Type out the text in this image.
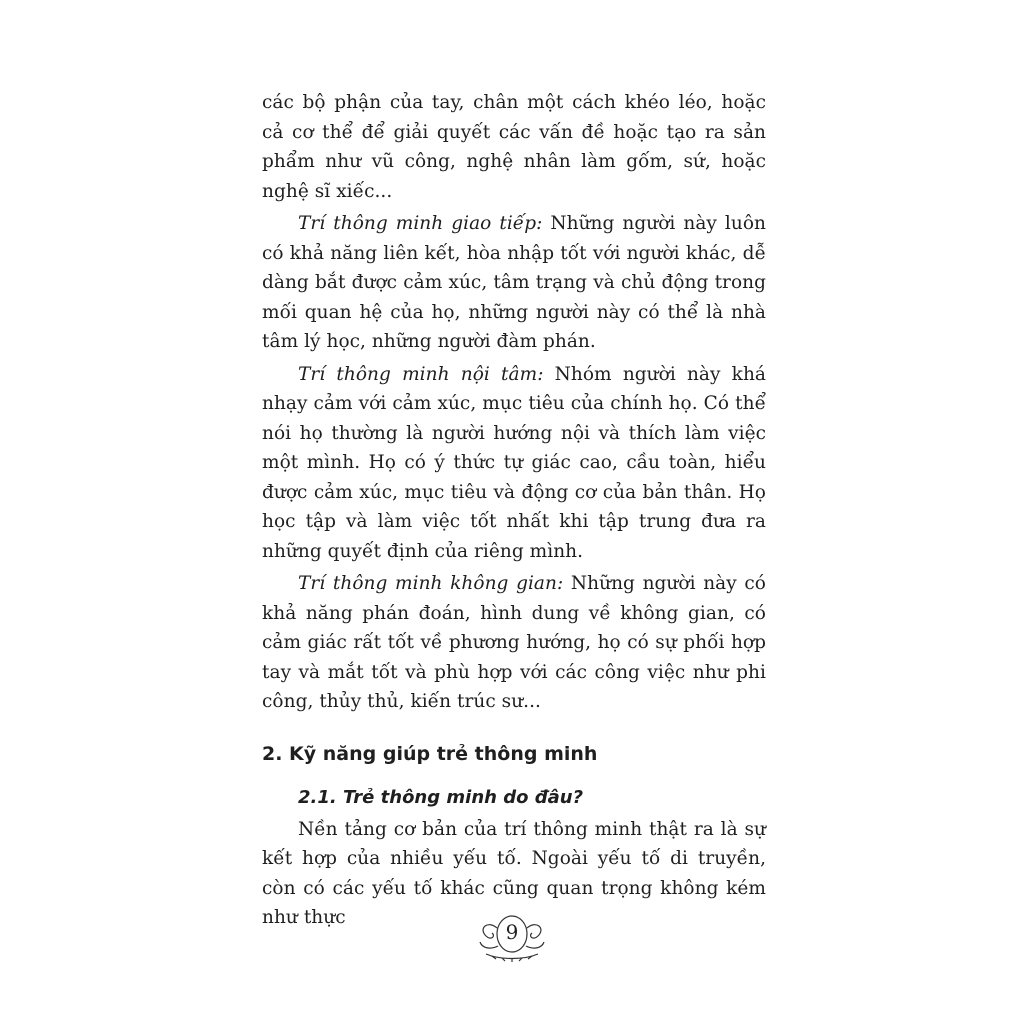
các bộ phận của tay, chân một cách khéo léo, hoặc cả cơ thể để giải quyết các vấn đề hoặc tạo ra sản phẩm như vũ công, nghệ nhân làm gốm, sứ, hoặc nghệ sĩ xiếc...

Trí thông minh giao tiếp: Những người này luôn có khả năng liên kết, hòa nhập tốt với người khác, dễ dàng bắt được cảm xúc, tâm trạng và chủ động trong mối quan hệ của họ, những người này có thể là nhà tâm lý học, những người đàm phán.

Trí thông minh nội tâm: Nhóm người này khá nhạy cảm với cảm xúc, mục tiêu của chính họ. Có thể nói họ thường là người hướng nội và thích làm việc một mình. Họ có ý thức tự giác cao, cầu toàn, hiểu được cảm xúc, mục tiêu và động cơ của bản thân. Họ học tập và làm việc tốt nhất khi tập trung đưa ra những quyết định của riêng mình.

Trí thông minh không gian: Những người này có khả năng phán đoán, hình dung về không gian, có cảm giác rất tốt về phương hướng, họ có sự phối hợp tay và mắt tốt và phù hợp với các công việc như phi công, thủy thủ, kiến trúc sư...

2. Kỹ năng giúp trẻ thông minh
2.1. Trẻ thông minh do đâu?

Nền tảng cơ bản của trí thông minh thật ra là sự kết hợp của nhiều yếu tố. Ngoài yếu tố di truyền, còn có các yếu tố khác cũng quan trọng không kém như thực

9
